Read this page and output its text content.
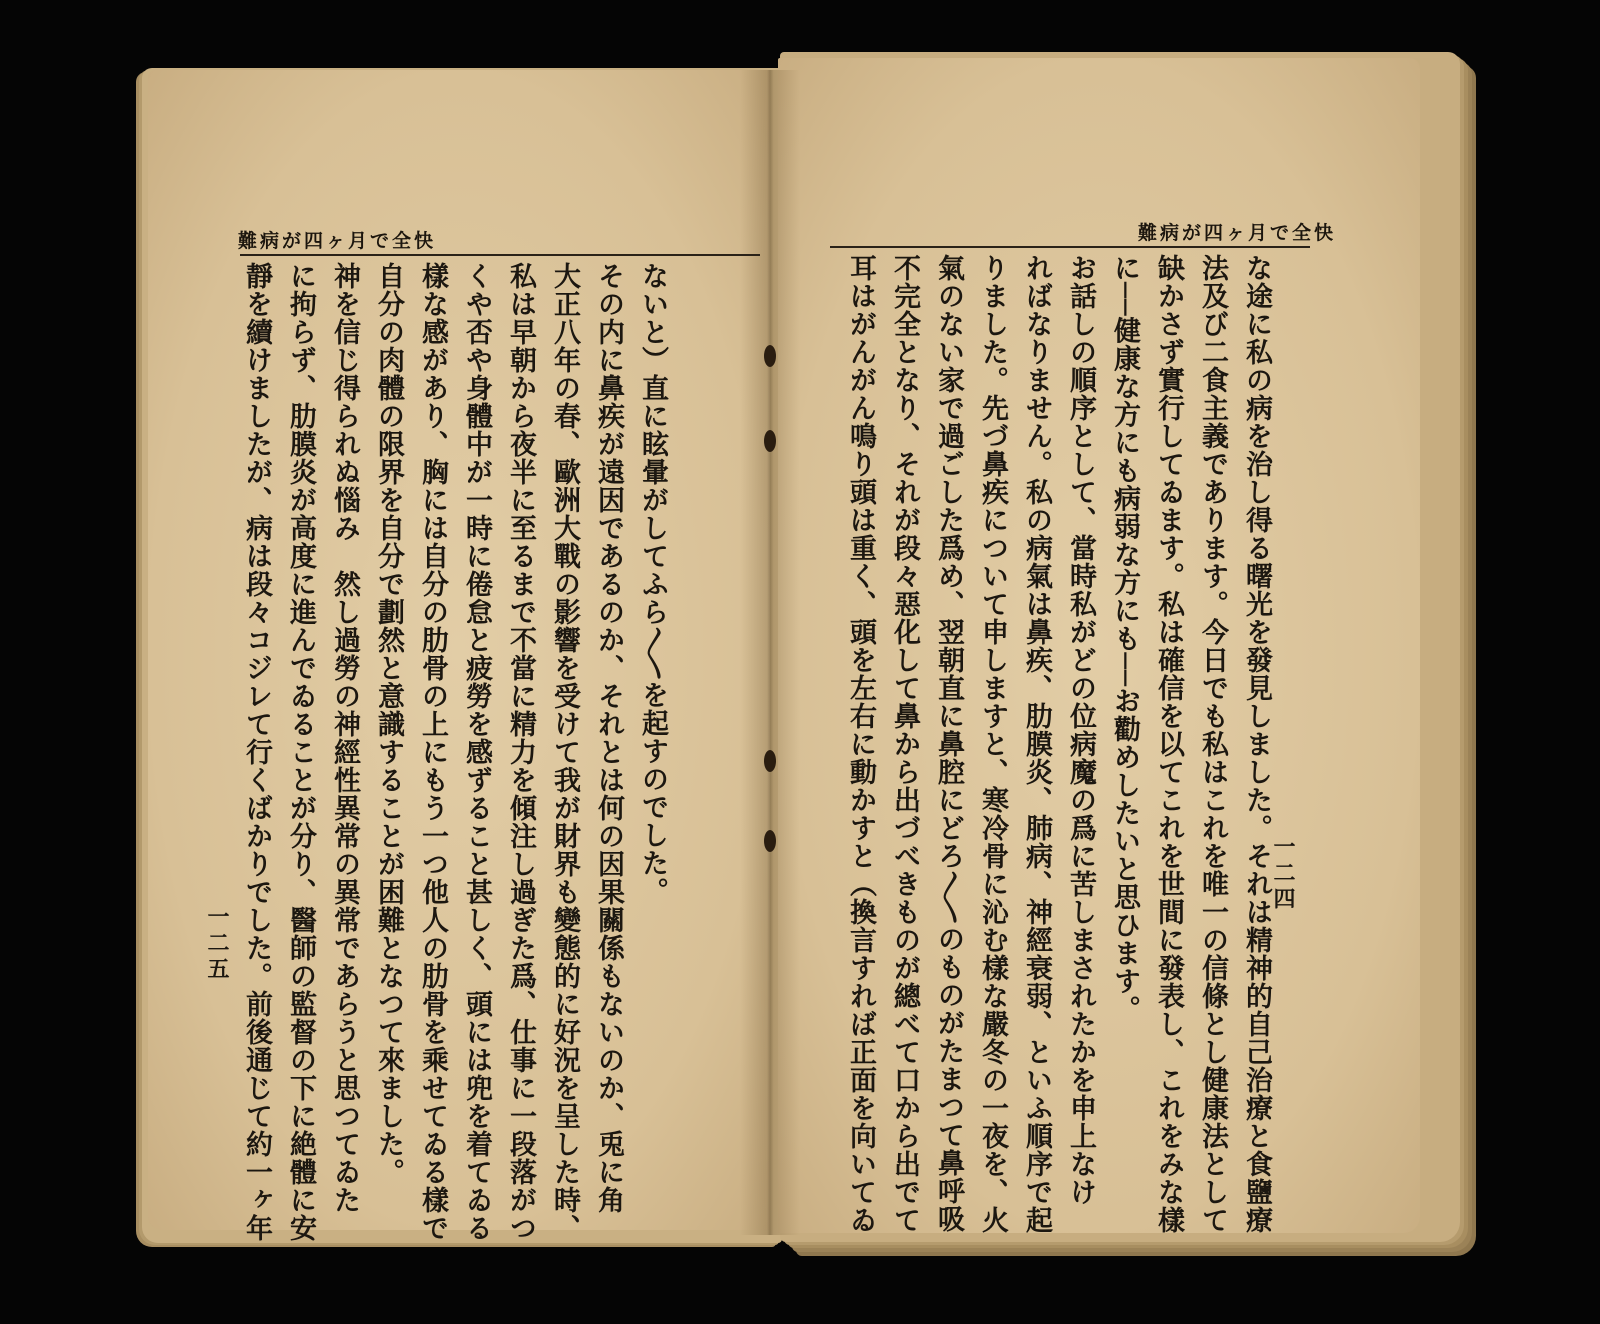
難病が四ヶ月で全快
ないと）直に眩暈がしてふら〳〵を起すのでした。
その内に鼻疾が遠因であるのか、それとは何の因果關係もないのか、兎に角
大正八年の春、歐洲大戰の影響を受けて我が財界も變態的に好況を呈した時、
私は早朝から夜半に至るまで不當に精力を傾注し過ぎた爲、仕事に一段落がつ
くや否や身體中が一時に倦怠と疲勞を感ずること甚しく、頭には兜を着てゐる
樣な感があり、胸には自分の肋骨の上にもう一つ他人の肋骨を乘せてゐる樣で
自分の肉體の限界を自分で劃然と意識することが困難となつて來ました。
神を信じ得られぬ惱み　然し過勞の神經性異常の異常であらうと思つてゐた
に拘らず、肋膜炎が高度に進んでゐることが分り、醫師の監督の下に絶體に安
靜を續けましたが、病は段々コジレて行くばかりでした。前後通じて約一ヶ年
一二五
難病が四ヶ月で全快
な途に私の病を治し得る曙光を發見しました。それは精神的自己治療と食鹽療
法及び二食主義であります。今日でも私はこれを唯一の信條とし健康法として
缺かさず實行してゐます。私は確信を以てこれを世間に發表し、これをみな樣
に──健康な方にも病弱な方にも──お勸めしたいと思ひます。
お話しの順序として、當時私がどの位病魔の爲に苦しまされたかを申上なけ
ればなりません。私の病氣は鼻疾、肋膜炎、肺病、神經衰弱、といふ順序で起
りました。先づ鼻疾について申しますと、寒冷骨に沁む樣な嚴冬の一夜を、火
氣のない家で過ごした爲め、翌朝直に鼻腔にどろ〳〵のものがたまつて鼻呼吸
不完全となり、それが段々惡化して鼻から出づべきものが總べて口から出でて
耳はがんがん鳴り頭は重く、頭を左右に動かすと（換言すれば正面を向いてゐ	一二四
